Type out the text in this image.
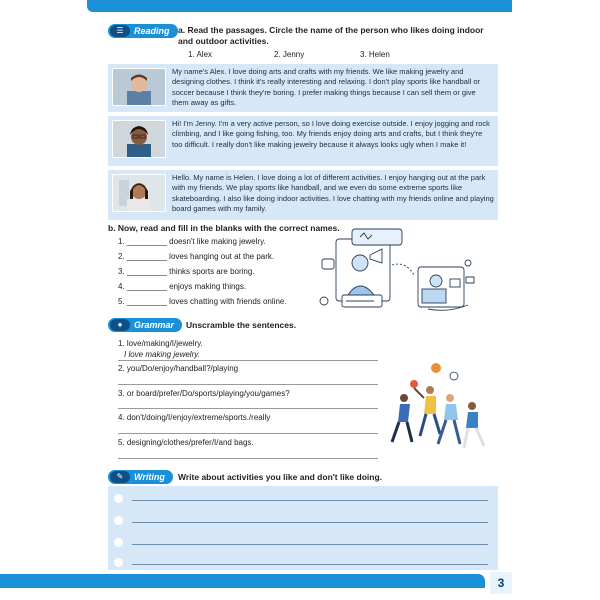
☰	Reading a. Read the passages. Circle the name of the person who likes doing indoor and outdoor activities.
1. Alex	2. Jenny	3. Helen
My name's Alex. I love doing arts and crafts with my friends. We like making jewelry and designing clothes. I think it's really interesting and relaxing. I don't play sports like handball or soccer because I think they're boring. I prefer making things because I can sell them or give them away as gifts.
Hi! I'm Jenny. I'm a very active person, so I love doing exercise outside. I enjoy jogging and rock climbing, and I like going fishing, too. My friends enjoy doing arts and crafts, but I think they're too difficult. I really don't like making jewelry because it always looks ugly when I make it!
Hello. My name is Helen. I love doing a lot of different activities. I enjoy hanging out at the park with my friends. We play sports like handball, and we even do some extreme sports like skateboarding. I also like doing indoor activities. I love chatting with my friends online and playing board games with my family.
b. Now, read and fill in the blanks with the correct names.
1. _________ doesn't like making jewelry.
2. _________ loves hanging out at the park.
3. _________ thinks sports are boring.
4. _________ enjoys making things.
5. _________ loves chatting with friends online.
●	Grammar	Unscramble the sentences.
1. love/making/I/jewelry.
I love making jewelry.
2. you/Do/enjoy/handball?/playing
3. or board/prefer/Do/sports/playing/you/games?
4. don't/doing/I/enjoy/extreme/sports./really
5. designing/clothes/prefer/I/and bags.
✎	Writing	Write about activities you like and don't like doing.
3
